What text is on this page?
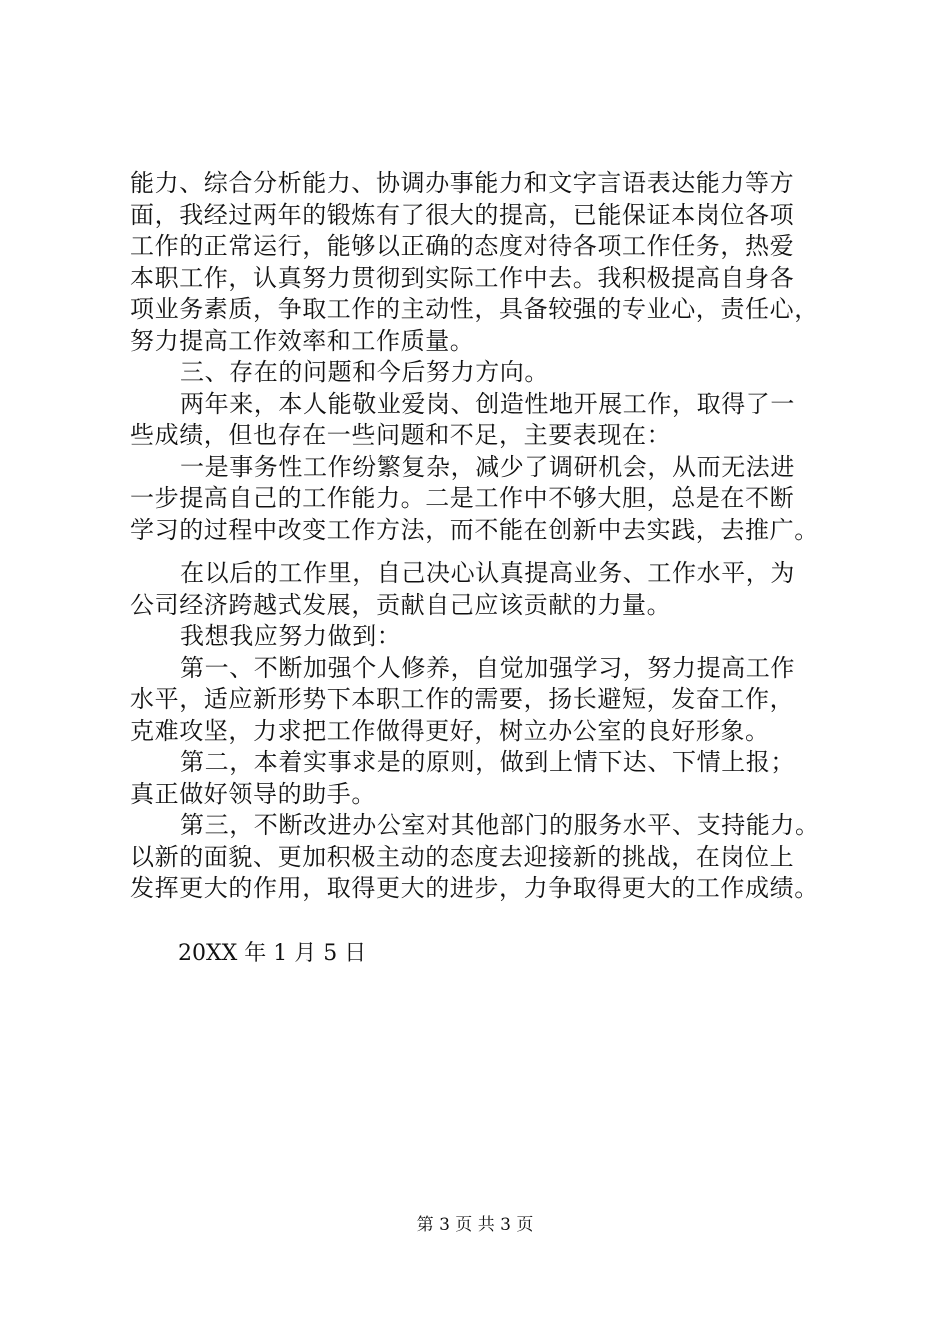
能力、综合分析能力、协调办事能力和文字言语表达能力等方
面，我经过两年的锻炼有了很大的提高，已能保证本岗位各项
工作的正常运行，能够以正确的态度对待各项工作任务，热爱
本职工作，认真努力贯彻到实际工作中去。我积极提高自身各
项业务素质，争取工作的主动性，具备较强的专业心，责任心，
努力提高工作效率和工作质量。
三、存在的问题和今后努力方向。
两年来，本人能敬业爱岗、创造性地开展工作，取得了一
些成绩，但也存在一些问题和不足，主要表现在：
一是事务性工作纷繁复杂，减少了调研机会，从而无法进
一步提高自己的工作能力。二是工作中不够大胆，总是在不断
学习的过程中改变工作方法，而不能在创新中去实践，去推广。
在以后的工作里，自己决心认真提高业务、工作水平，为
公司经济跨越式发展，贡献自己应该贡献的力量。
我想我应努力做到：
第一、不断加强个人修养，自觉加强学习，努力提高工作
水平，适应新形势下本职工作的需要，扬长避短，发奋工作，
克难攻坚，力求把工作做得更好，树立办公室的良好形象。
第二，本着实事求是的原则，做到上情下达、下情上报；
真正做好领导的助手。
第三，不断改进办公室对其他部门的服务水平、支持能力。
以新的面貌、更加积极主动的态度去迎接新的挑战，在岗位上
发挥更大的作用，取得更大的进步，力争取得更大的工作成绩。
20XX 年 1 月 5 日
第 3 页 共 3 页
